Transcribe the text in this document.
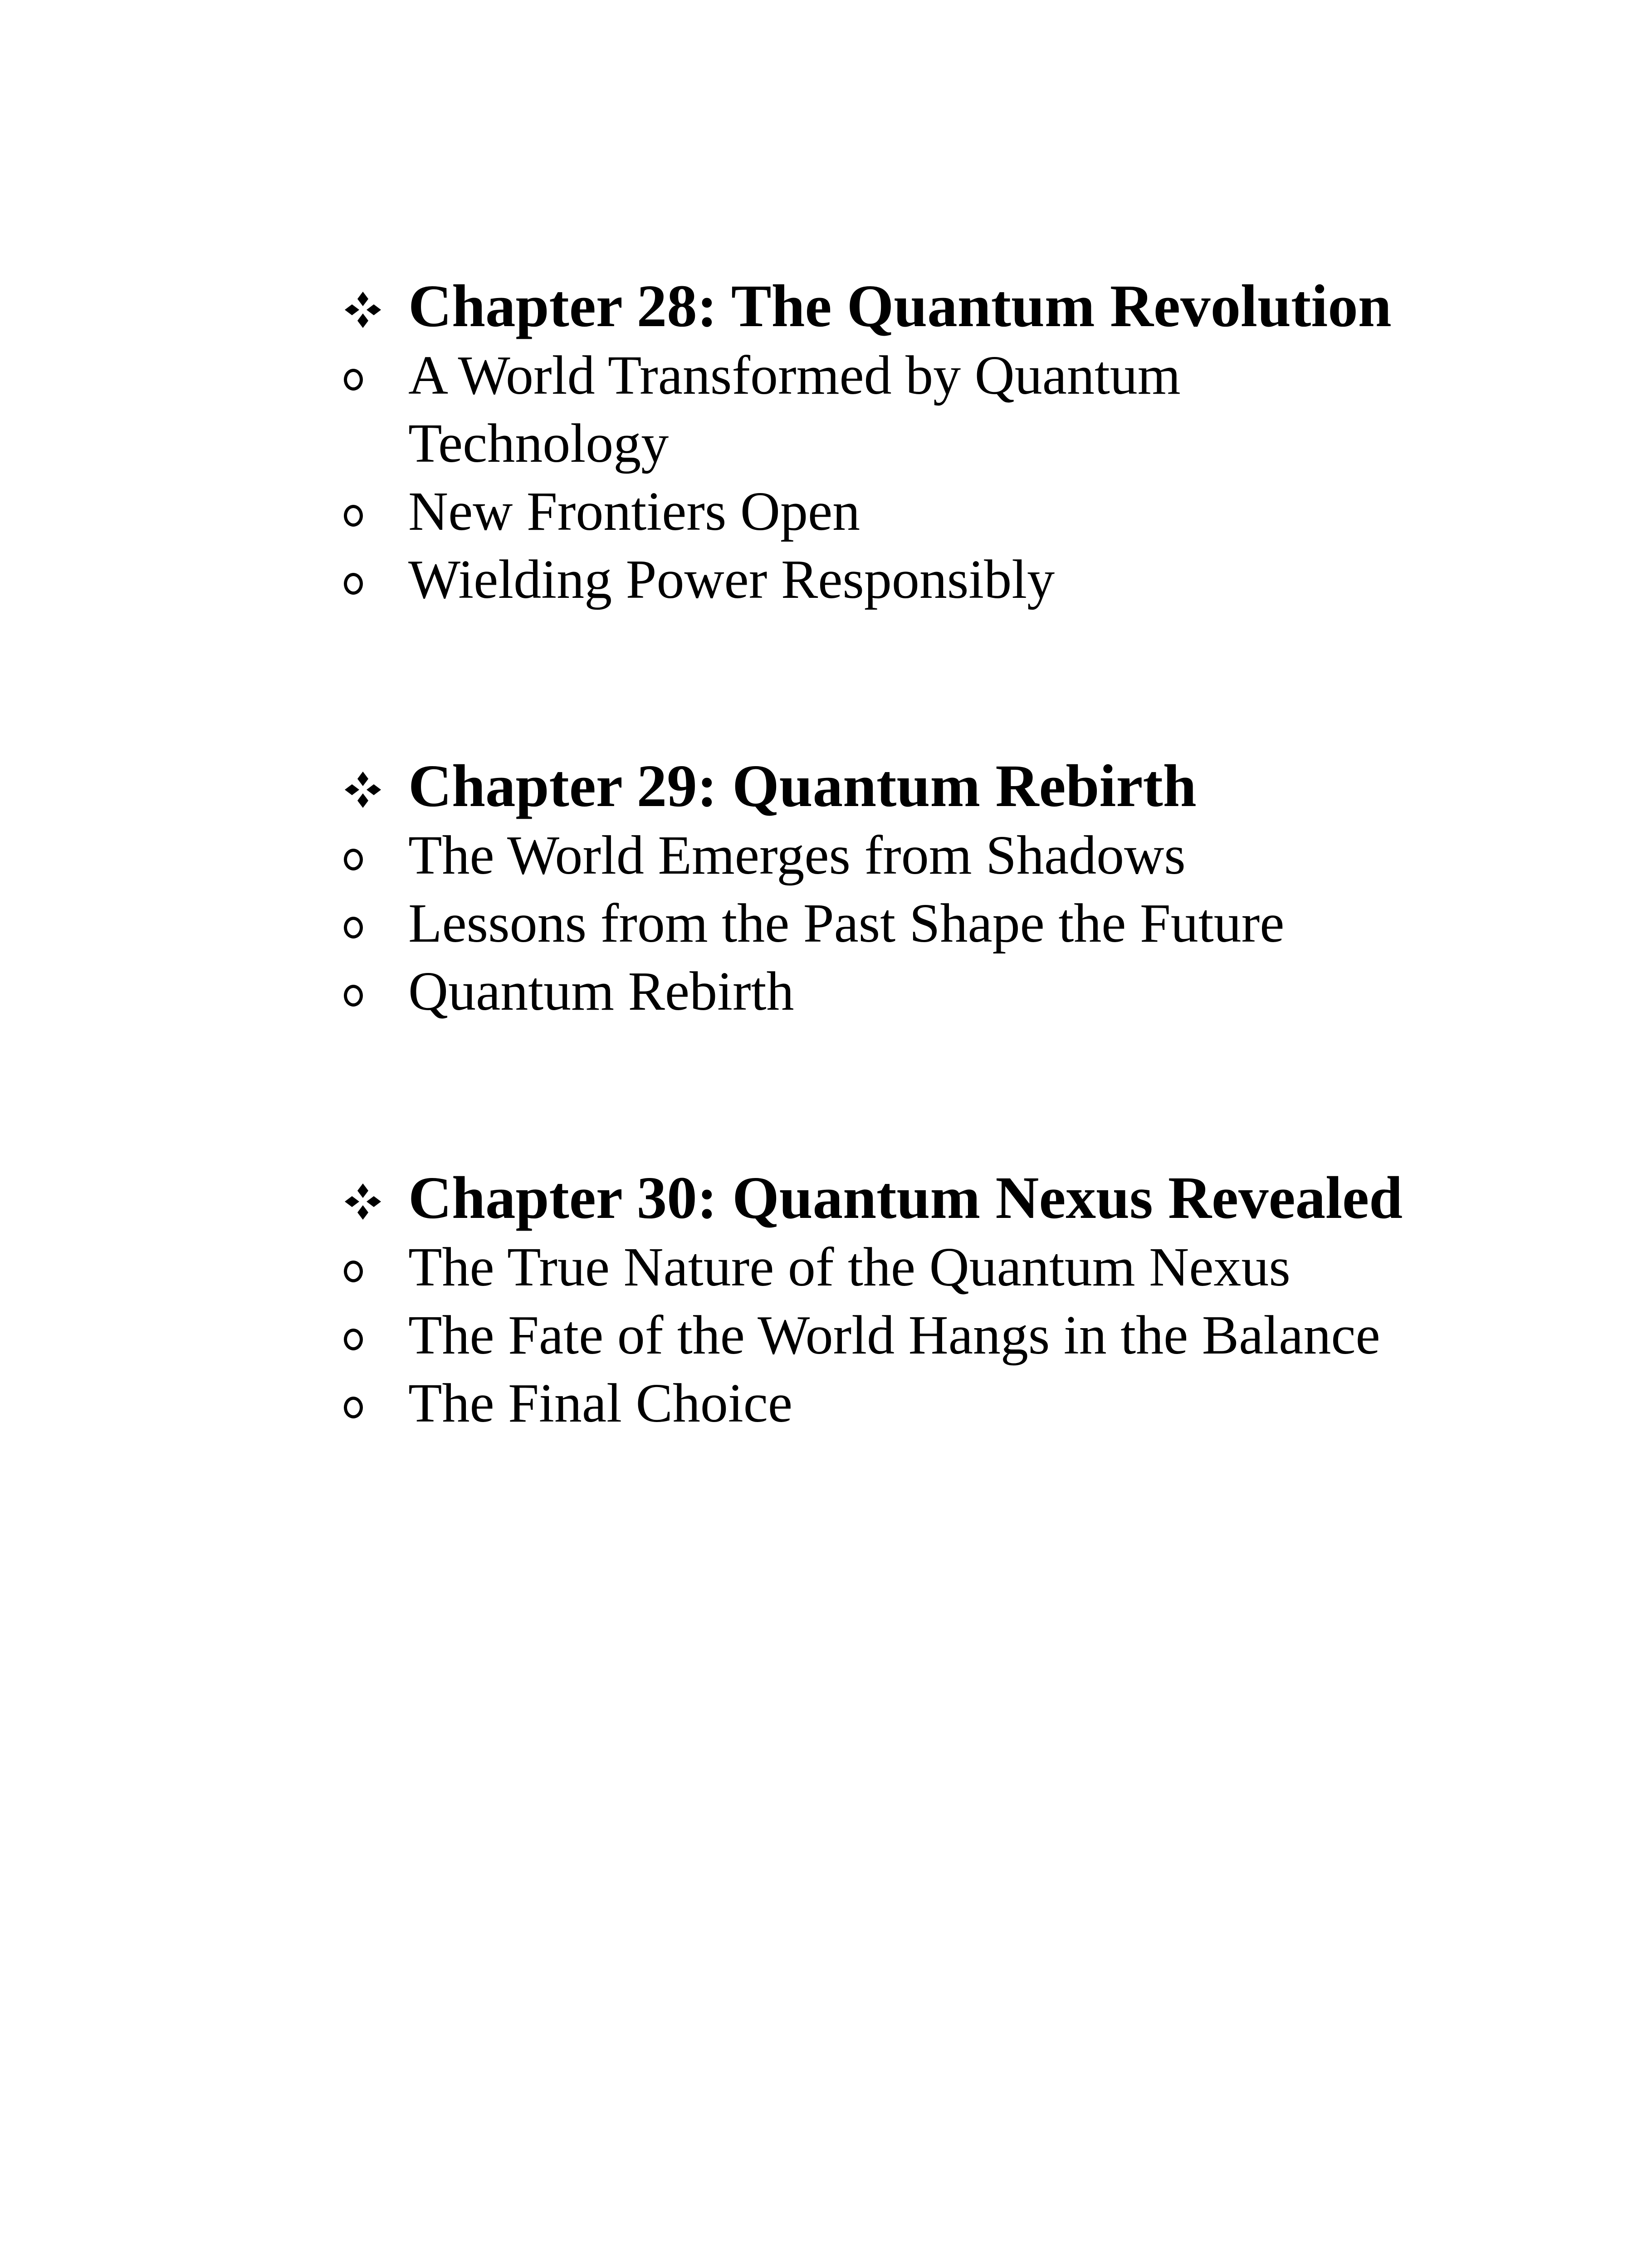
Chapter 28: The Quantum Revolution
A World Transformed by Quantum Technology
New Frontiers Open
Wielding Power Responsibly
Chapter 29: Quantum Rebirth
The World Emerges from Shadows
Lessons from the Past Shape the Future
Quantum Rebirth
Chapter 30: Quantum Nexus Revealed
The True Nature of the Quantum Nexus
The Fate of the World Hangs in the Balance
The Final Choice
